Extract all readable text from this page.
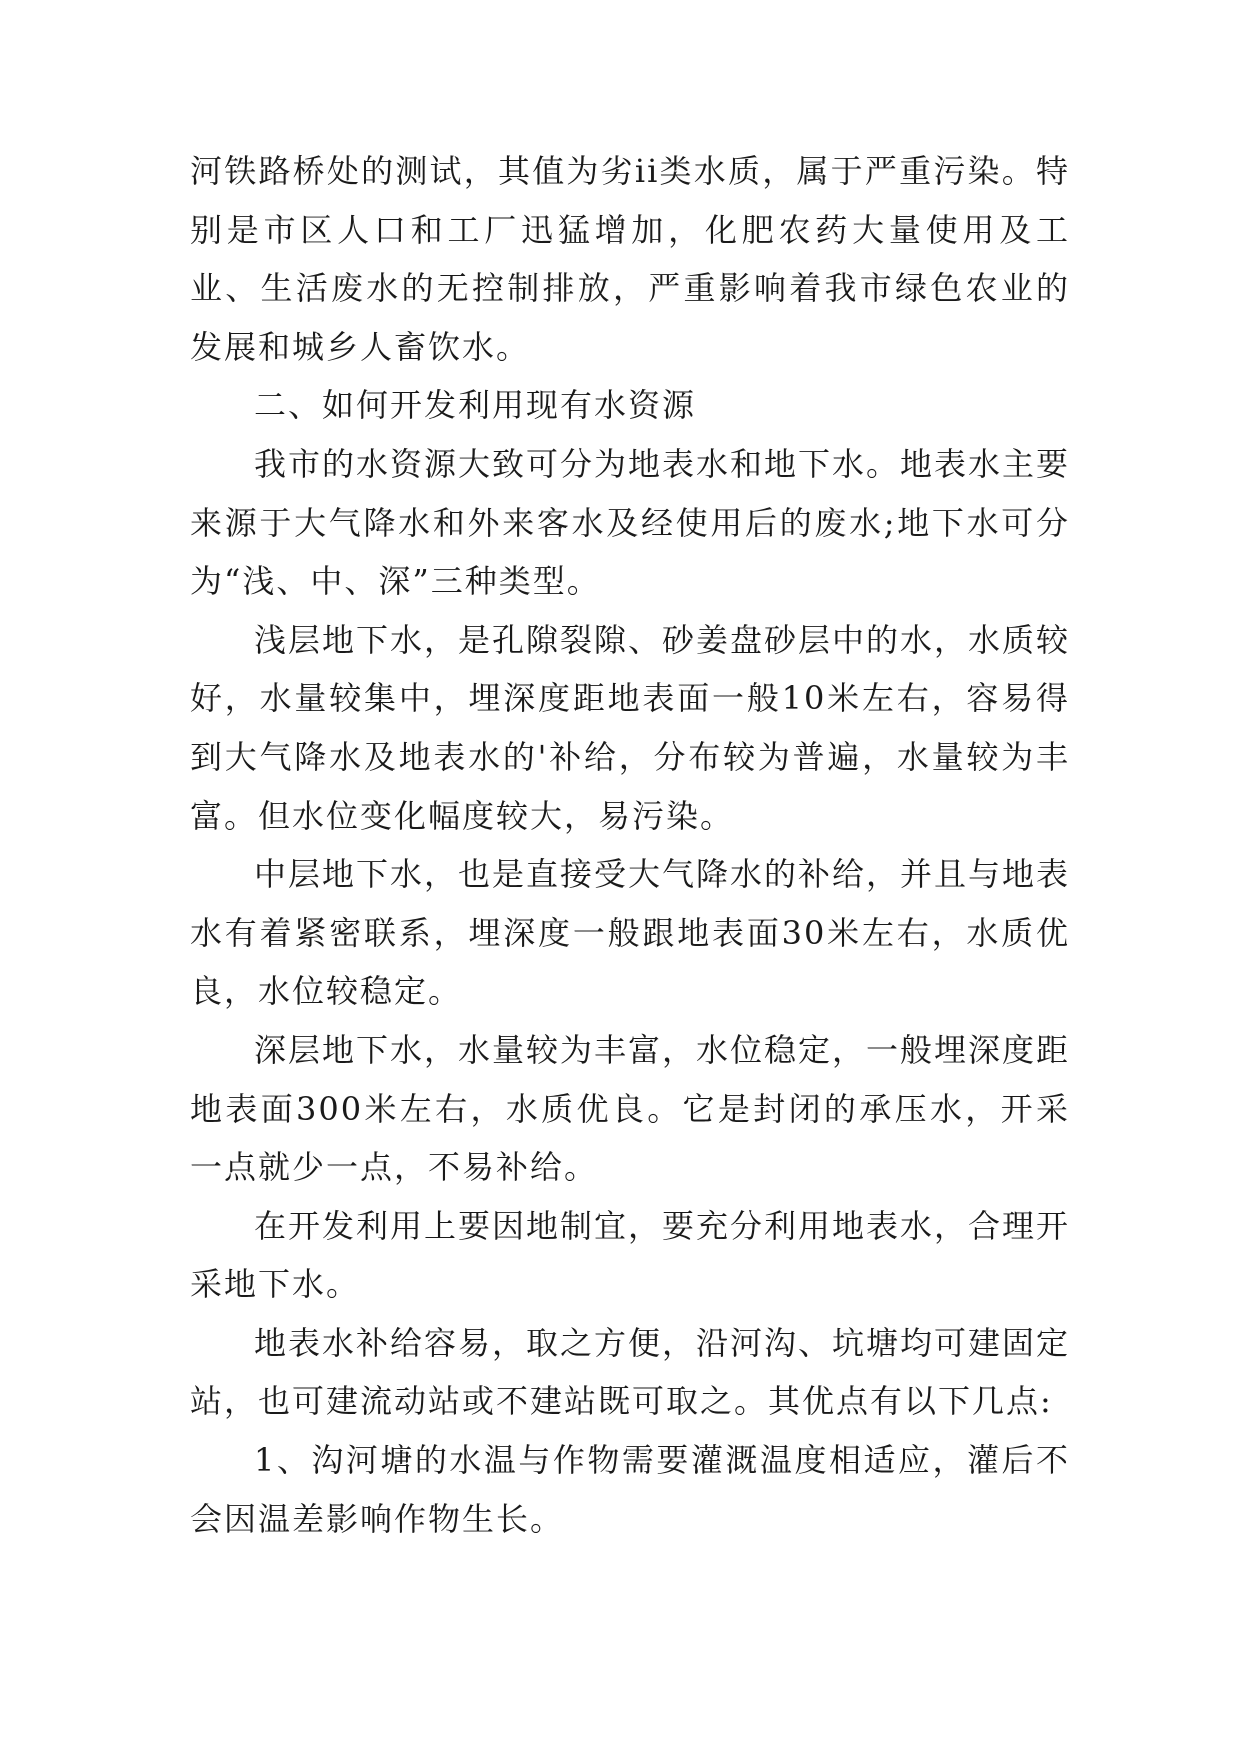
河铁路桥处的测试，其值为劣ii类水质，属于严重污染。特别是市区人口和工厂迅猛增加，化肥农药大量使用及工业、生活废水的无控制排放，严重影响着我市绿色农业的发展和城乡人畜饮水。

二、如何开发利用现有水资源

我市的水资源大致可分为地表水和地下水。地表水主要来源于大气降水和外来客水及经使用后的废水;地下水可分为“浅、中、深”三种类型。

浅层地下水，是孔隙裂隙、砂姜盘砂层中的水，水质较好，水量较集中，埋深度距地表面一般10米左右，容易得到大气降水及地表水的'补给，分布较为普遍，水量较为丰富。但水位变化幅度较大，易污染。

中层地下水，也是直接受大气降水的补给，并且与地表水有着紧密联系，埋深度一般跟地表面30米左右，水质优良，水位较稳定。

深层地下水，水量较为丰富，水位稳定，一般埋深度距地表面300米左右，水质优良。它是封闭的承压水，开采一点就少一点，不易补给。

在开发利用上要因地制宜，要充分利用地表水，合理开采地下水。

地表水补给容易，取之方便，沿河沟、坑塘均可建固定站，也可建流动站或不建站既可取之。其优点有以下几点:

1、沟河塘的水温与作物需要灌溉温度相适应，灌后不会因温差影响作物生长。
